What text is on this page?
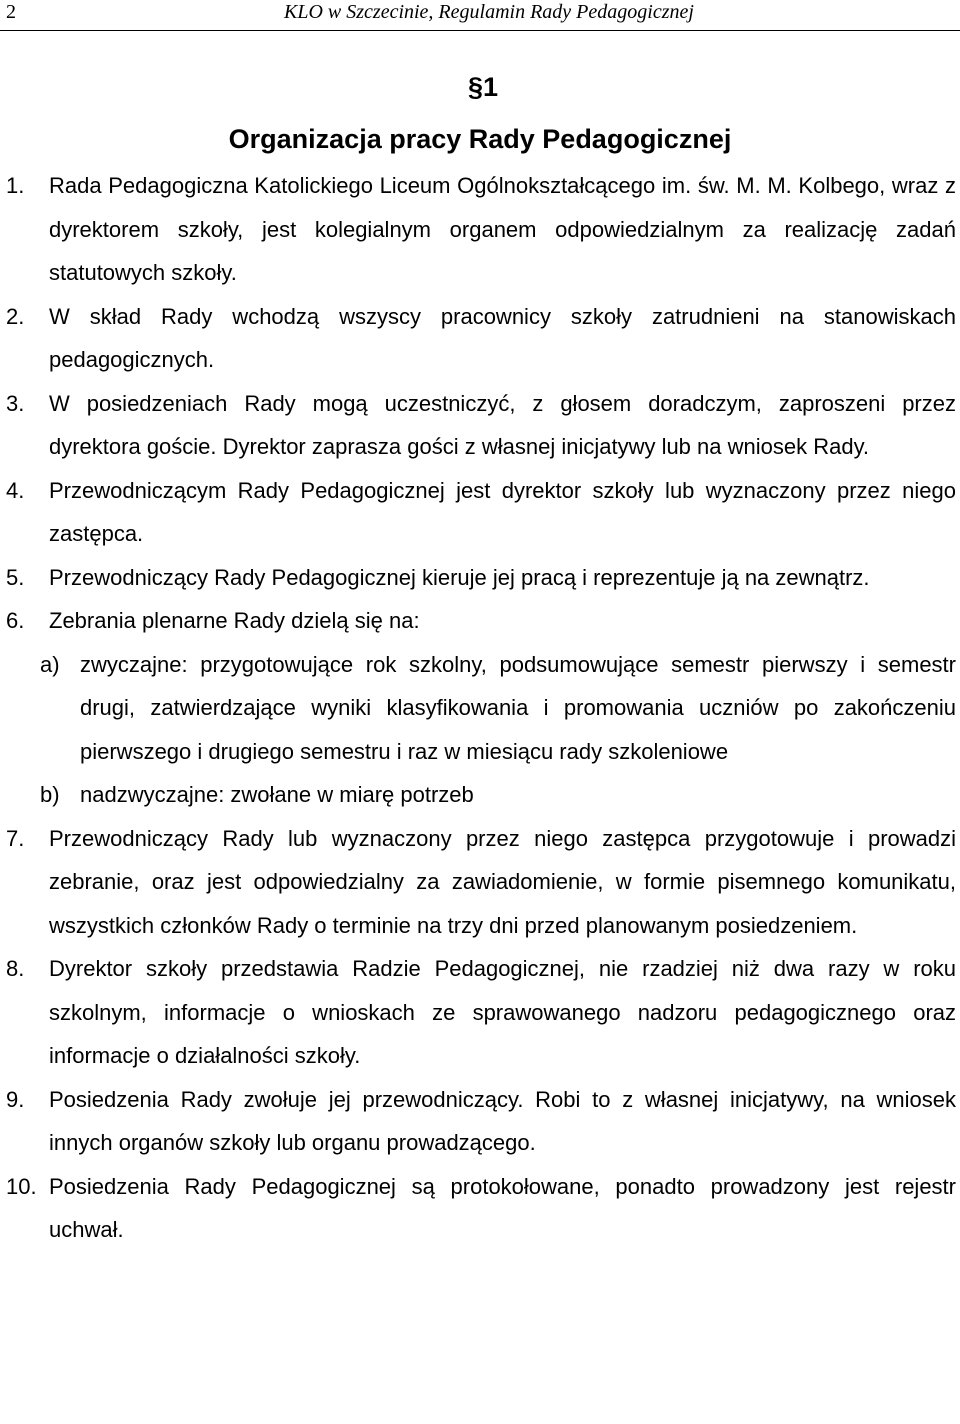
2	KLO w Szczecinie, Regulamin Rady Pedagogicznej
§1
Organizacja pracy Rady Pedagogicznej
1. Rada Pedagogiczna Katolickiego Liceum Ogólnokształcącego im. św. M. M. Kolbego, wraz z dyrektorem szkoły, jest kolegialnym organem odpowiedzialnym za realizację zadań statutowych szkoły.
2. W skład Rady wchodzą wszyscy pracownicy szkoły zatrudnieni na stanowiskach pedagogicznych.
3. W posiedzeniach Rady mogą uczestniczyć, z głosem doradczym, zaproszeni przez dyrektora goście. Dyrektor zaprasza gości z własnej inicjatywy lub na wniosek Rady.
4. Przewodniczącym Rady Pedagogicznej jest dyrektor szkoły lub wyznaczony przez niego zastępca.
5. Przewodniczący Rady Pedagogicznej kieruje jej pracą i reprezentuje ją na zewnątrz.
6. Zebrania plenarne Rady dzielą się na:
a) zwyczajne: przygotowujące rok szkolny, podsumowujące semestr pierwszy i semestr drugi, zatwierdzające wyniki klasyfikowania i promowania uczniów po zakończeniu pierwszego i drugiego semestru i raz w miesiącu rady szkoleniowe
b) nadzwyczajne: zwołane w miarę potrzeb
7. Przewodniczący Rady lub wyznaczony przez niego zastępca przygotowuje i prowadzi zebranie, oraz jest odpowiedzialny za zawiadomienie, w formie pisemnego komunikatu, wszystkich członków Rady o terminie na trzy dni przed planowanym posiedzeniem.
8. Dyrektor szkoły przedstawia Radzie Pedagogicznej, nie rzadziej niż dwa razy w roku szkolnym, informacje o wnioskach ze sprawowanego nadzoru pedagogicznego oraz informacje o działalności szkoły.
9. Posiedzenia Rady zwołuje jej przewodniczący. Robi to z własnej inicjatywy, na wniosek innych organów szkoły lub organu prowadzącego.
10. Posiedzenia Rady Pedagogicznej są protokołowane, ponadto prowadzony jest rejestr uchwał.
